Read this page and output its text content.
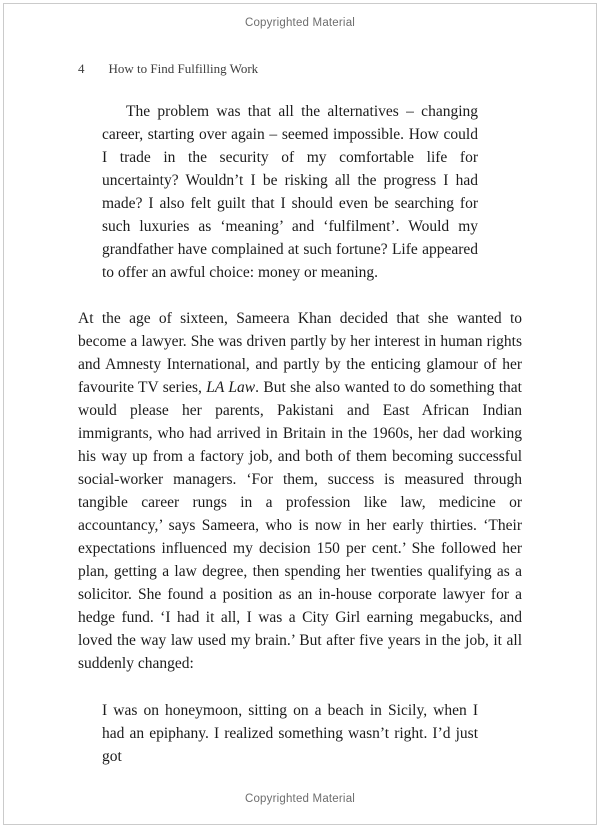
Copyrighted Material
4 How to Find Fulfilling Work

The problem was that all the alternatives – changing career, starting over again – seemed impossible. How could I trade in the security of my comfortable life for uncertainty? Wouldn’t I be risking all the progress I had made? I also felt guilt that I should even be searching for such luxuries as ‘meaning’ and ‘fulfilment’. Would my grandfather have complained at such fortune? Life appeared to offer an awful choice: money or meaning.

At the age of sixteen, Sameera Khan decided that she wanted to become a lawyer. She was driven partly by her interest in human rights and Amnesty International, and partly by the enticing glamour of her favourite TV series, LA Law. But she also wanted to do something that would please her parents, Pakistani and East African Indian immigrants, who had arrived in Britain in the 1960s, her dad working his way up from a factory job, and both of them becoming successful social-worker managers. ‘For them, success is measured through tangible career rungs in a profession like law, medicine or accountancy,’ says Sameera, who is now in her early thirties. ‘Their expectations influenced my decision 150 per cent.’ She followed her plan, getting a law degree, then spending her twenties qualifying as a solicitor. She found a position as an in-house corporate lawyer for a hedge fund. ‘I had it all, I was a City Girl earning megabucks, and loved the way law used my brain.’ But after five years in the job, it all suddenly changed:

I was on honeymoon, sitting on a beach in Sicily, when I had an epiphany. I realized something wasn’t right. I’d just got

Copyrighted Material
